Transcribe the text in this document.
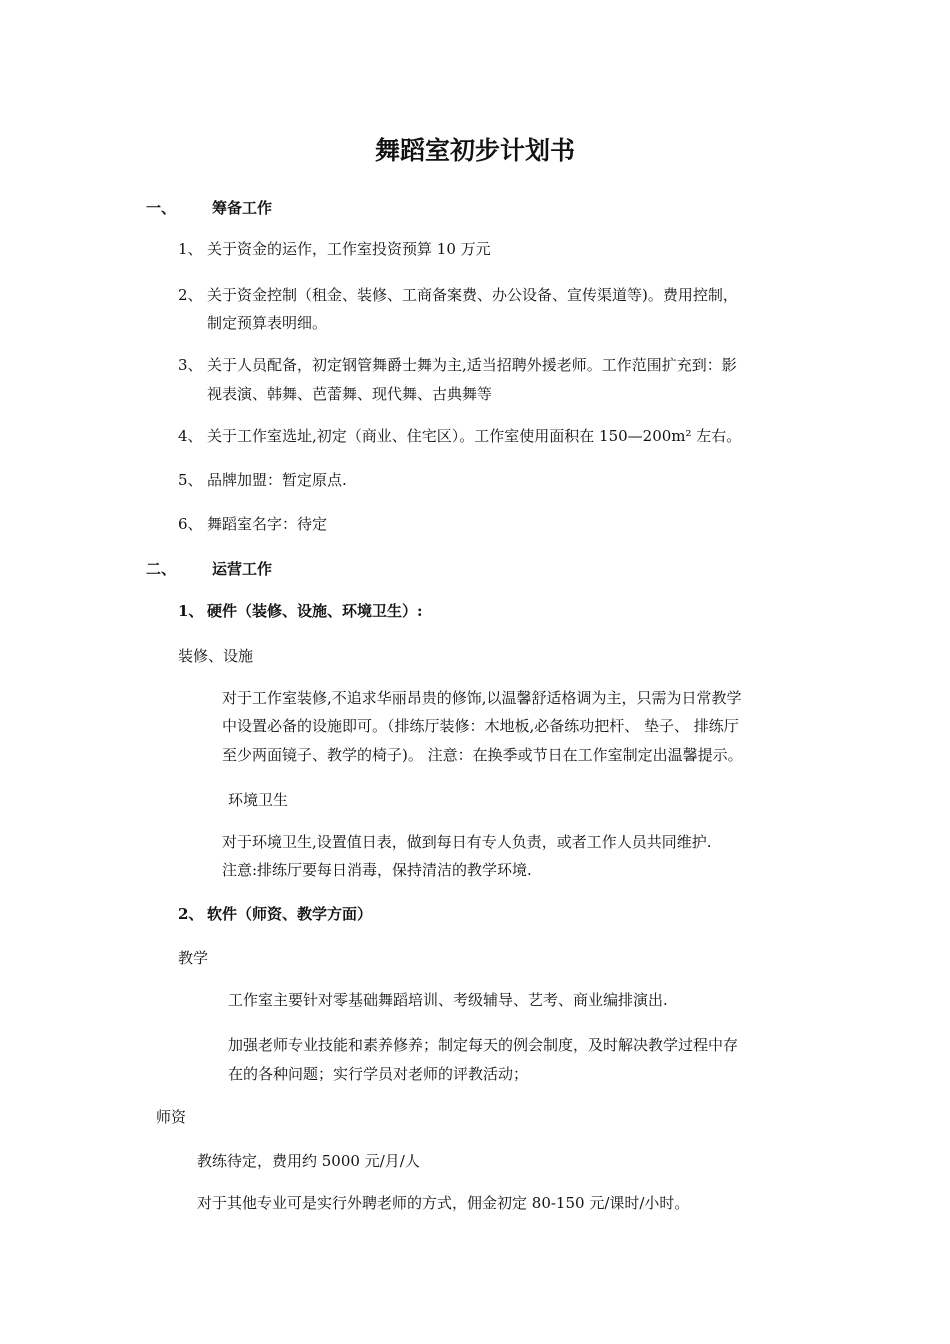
舞蹈室初步计划书
一、 筹备工作
1、 关于资金的运作，工作室投资预算 10 万元
2、 关于资金控制（租金、装修、工商备案费、办公设备、宣传渠道等)。费用控制，
制定预算表明细。
3、 关于人员配备，初定钢管舞爵士舞为主,适当招聘外援老师。工作范围扩充到：影
视表演、韩舞、芭蕾舞、现代舞、古典舞等
4、 关于工作室选址,初定（商业、住宅区）。工作室使用面积在 150—200m² 左右。
5、 品牌加盟：暂定原点.
6、 舞蹈室名字：待定
二、 运营工作
1、 硬件（装修、设施、环境卫生）:
装修、设施
对于工作室装修,不追求华丽昂贵的修饰,以温馨舒适格调为主，只需为日常教学
中设置必备的设施即可。（排练厅装修：木地板,必备练功把杆、 垫子、 排练厅
至少两面镜子、教学的椅子)。 注意：在换季或节日在工作室制定出温馨提示。
环境卫生
对于环境卫生,设置值日表，做到每日有专人负责，或者工作人员共同维护.
注意:排练厅要每日消毒，保持清洁的教学环境.
2、 软件（师资、教学方面）
教学
工作室主要针对零基础舞蹈培训、考级辅导、艺考、商业编排演出.
加强老师专业技能和素养修养；制定每天的例会制度，及时解决教学过程中存
在的各种问题；实行学员对老师的评教活动；
师资
教练待定，费用约 5000 元/月/人
对于其他专业可是实行外聘老师的方式，佣金初定 80-150 元/课时/小时。
